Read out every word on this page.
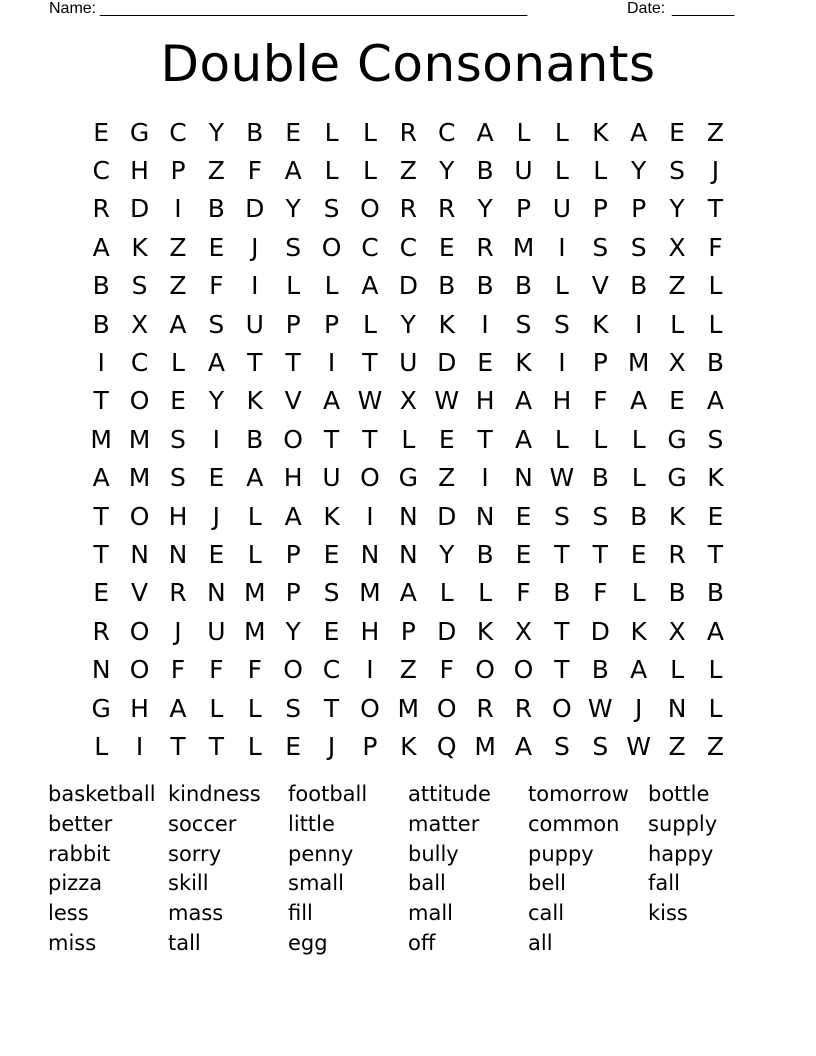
Name: ________________________________________________	Date: _______
Double Consonants
E G C Y B E L L R C A L L K A E Z
C H P Z F A L L Z Y B U L L Y S	J
R D	I	B D Y S O R R Y P U P P Y T
A K Z E	J	S O C C E R M I	S S X F
B S Z F	I	L L A D B B B L V B Z L
B X A S U P P L Y K	I	S S K	I	L L
I	C L A T T	I	T U D E K	I	P M X B
T O E Y K V A W X W H A H F A E A
M M S	I	B O T T L E T A L L L G S
A M S E A H U O G Z	I	N W B L G K
T O H	J	L A K	I	N D N E S S B K E
T N N E L P E N N Y B E T T E R T
E V R N M P S M A L L F B F L B B
R O J	U M Y E H P D K X T D K X A
N O F F F O C	I	Z F O O T B A L L
G H A L L S T O M O R R O W J	N L
L	I	T T L E	J	P K Q M A S S W Z Z
basketball kindness	football	attitude	tomorrow bottle
better	soccer	little	matter	common	supply
rabbit	sorry	penny	bully	puppy	happy
pizza	skill	small	ball	bell	fall
less	mass	fill	mall	call	kiss
miss	tall	egg	off	all
